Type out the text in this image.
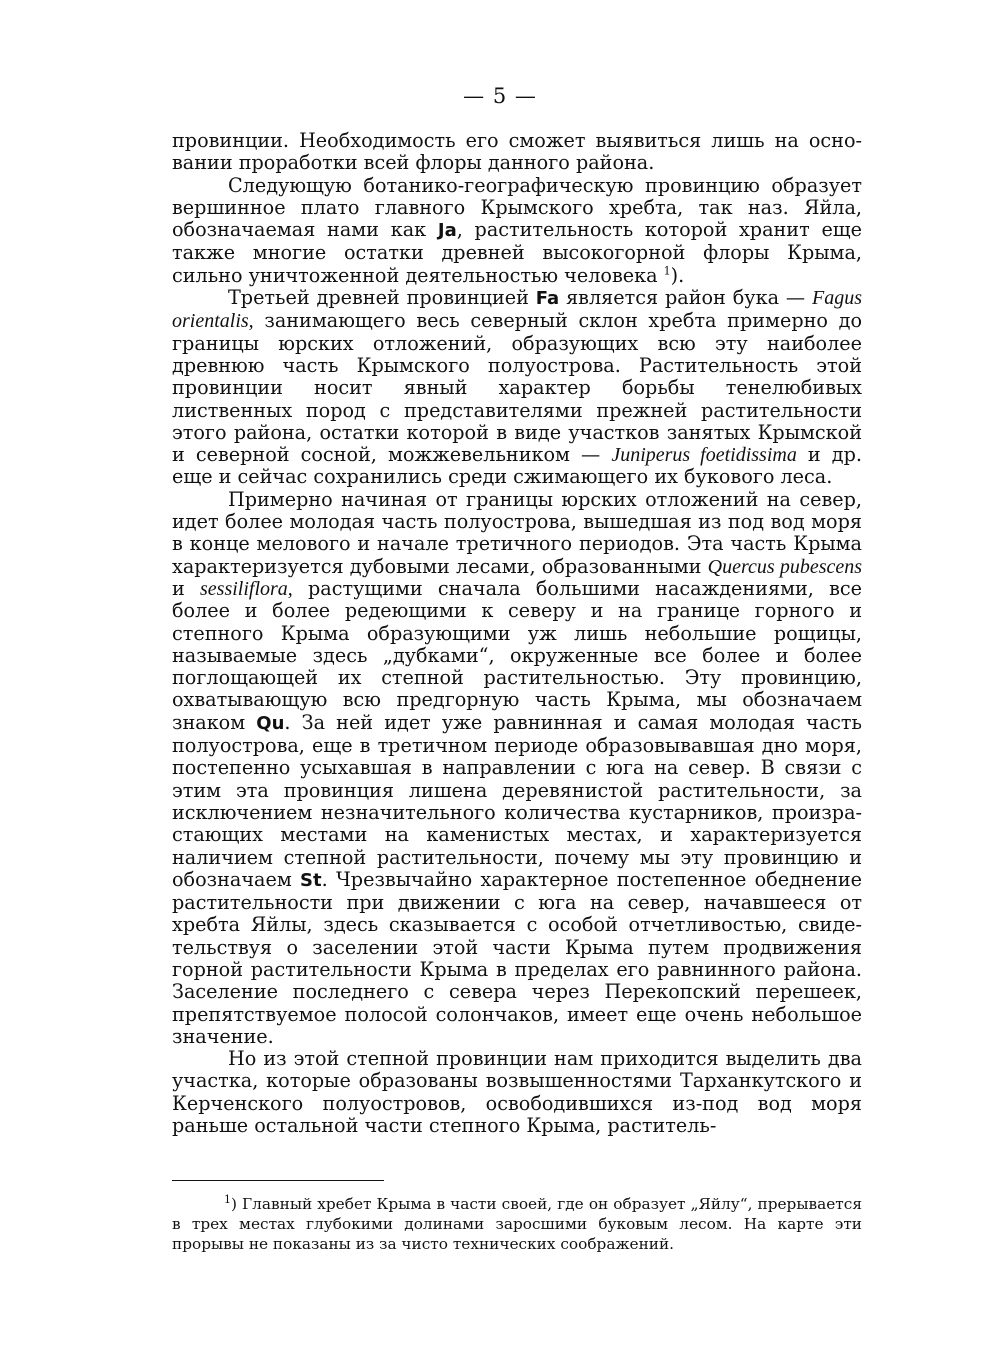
— 5 —

провинции. Необходимость его сможет выявиться лишь на основании проработки всей флоры данного района.

Следующую ботанико-географическую провинцию образует вершинное плато главного Крымского хребта, так наз. Яйла, обозначаемая нами как Ja, растительность которой хранит еще также многие остатки древней высокогорной флоры Крыма, сильно уничтоженной деятельностью человека $^1$).

Третьей древней провинцией Fa является район бука — Fagus orientalis, занимающего весь северный склон хребта примерно до границы юрских отложений, образующих всю эту наиболее древнюю часть Крымского полуострова. Растительность этой провинции носит явный характер борьбы тенелюбивых лиственных пород с представителями прежней растительности этого района, остатки которой в виде участков занятых Крымской и северной сосной, можжевельником — Juniperus foetidissima и др. еще и сейчас сохранились среди сжимающего их букового леса.

Примерно начиная от границы юрских отложений на север, идет более молодая часть полуострова, вышедшая из под вод моря в конце мелового и начале третичного периодов. Эта часть Крыма характеризуется дубовыми лесами, образованными Quercus pubescens и sessiliflora, растущими сначала большими насаждениями, все более и более редеющими к северу и на границе горного и степного Крыма образующими уж лишь небольшие рощицы, называемые здесь „дубками“, окруженные все более и более поглощающей их степной растительностью. Эту провинцию, охватывающую всю предгорную часть Крыма, мы обозначаем знаком Qu. За ней идет уже равнинная и самая молодая часть полуострова, еще в третичном периоде образовывавшая дно моря, постепенно усыхавшая в направлении с юга на север. В связи с этим эта провинция лишена деревянистой растительности, за исключением незначительного количества кустарников, произрастающих местами на каменистых местах, и характеризуется наличием степной растительности, почему мы эту провинцию и обозначаем St. Чрезвычайно характерное постепенное обеднение растительности при движении с юга на север, начавшееся от хребта Яйлы, здесь сказывается с особой отчетливостью, свидетельствуя о заселении этой части Крыма путем продвижения горной растительности Крыма в пределах его равнинного района. Заселение последнего с севера через Перекопский перешеек, препятствуемое полосой солончаков, имеет еще очень небольшое значение.

Но из этой степной провинции нам приходится выделить два участка, которые образованы возвышенностями Тарханкутского и Керченского полуостровов, освободившихся из-под вод моря раньше остальной части степного Крыма, раститель-

$^1$) Главный хребет Крыма в части своей, где он образует „Яйлу“, прерывается в трех местах глубокими долинами заросшими буковым лесом. На карте эти прорывы не показаны из за чисто технических соображений.
